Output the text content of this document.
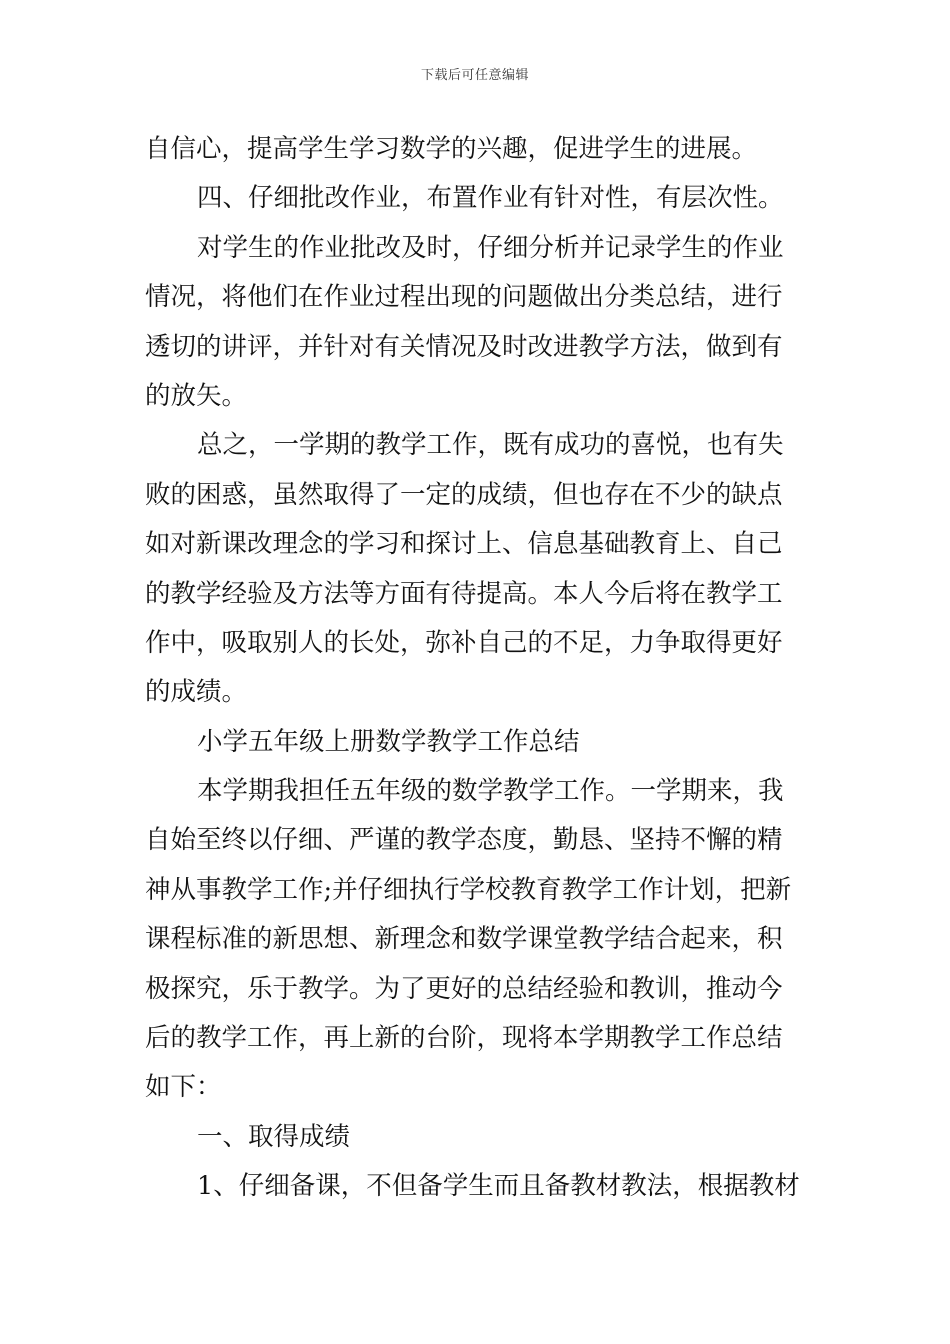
下载后可任意编辑
自信心，提高学生学习数学的兴趣，促进学生的进展。
四、仔细批改作业，布置作业有针对性，有层次性。
对学生的作业批改及时，仔细分析并记录学生的作业
情况，将他们在作业过程出现的问题做出分类总结，进行
透切的讲评，并针对有关情况及时改进教学方法，做到有
的放矢。
总之，一学期的教学工作，既有成功的喜悦，也有失
败的困惑，虽然取得了一定的成绩，但也存在不少的缺点
如对新课改理念的学习和探讨上、信息基础教育上、自己
的教学经验及方法等方面有待提高。本人今后将在教学工
作中，吸取别人的长处，弥补自己的不足，力争取得更好
的成绩。
小学五年级上册数学教学工作总结
本学期我担任五年级的数学教学工作。一学期来，我
自始至终以仔细、严谨的教学态度，勤恳、坚持不懈的精
神从事教学工作;并仔细执行学校教育教学工作计划，把新
课程标准的新思想、新理念和数学课堂教学结合起来，积
极探究，乐于教学。为了更好的总结经验和教训，推动今
后的教学工作，再上新的台阶，现将本学期教学工作总结
如下：
一、取得成绩
1、仔细备课，不但备学生而且备教材教法，根据教材
